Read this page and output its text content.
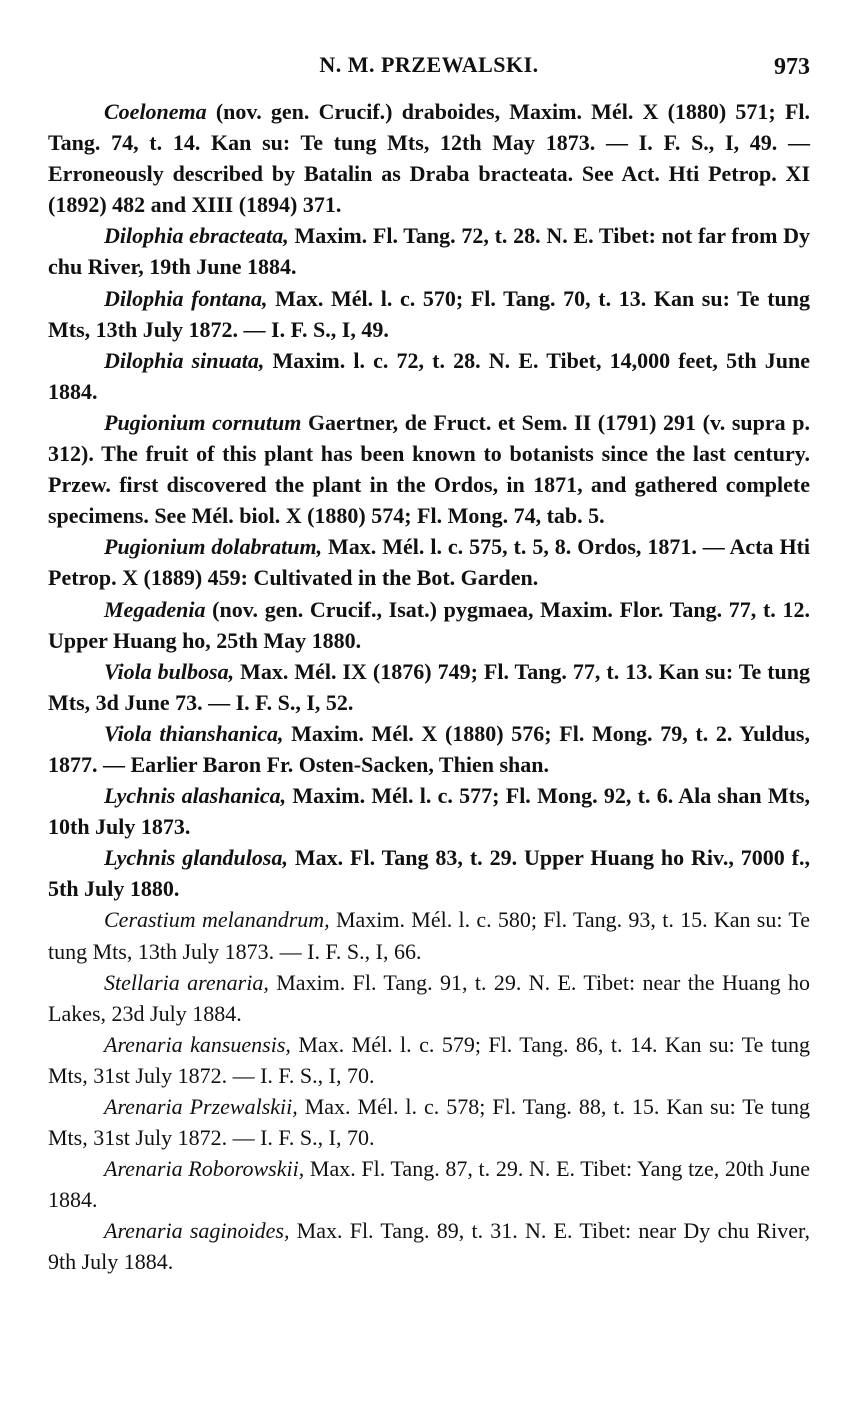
N. M. PRZEWALSKI.	973

Coelonema (nov. gen. Crucif.) draboides, Maxim. Mél. X (1880) 571; Fl. Tang. 74, t. 14. Kan su: Te tung Mts, 12th May 1873. — I. F. S., I, 49. — Erroneously described by Batalin as Draba bracteata. See Act. Hti Petrop. XI (1892) 482 and XIII (1894) 371.

Dilophia ebracteata, Maxim. Fl. Tang. 72, t. 28. N. E. Tibet: not far from Dy chu River, 19th June 1884.

Dilophia fontana, Max. Mél. l. c. 570; Fl. Tang. 70, t. 13. Kan su: Te tung Mts, 13th July 1872. — I. F. S., I, 49.

Dilophia sinuata, Maxim. l. c. 72, t. 28. N. E. Tibet, 14,000 feet, 5th June 1884.

Pugionium cornutum Gaertner, de Fruct. et Sem. II (1791) 291 (v. supra p. 312). The fruit of this plant has been known to botanists since the last century. Przew. first discovered the plant in the Ordos, in 1871, and gathered complete specimens. See Mél. biol. X (1880) 574; Fl. Mong. 74, tab. 5.

Pugionium dolabratum, Max. Mél. l. c. 575, t. 5, 8. Ordos, 1871. — Acta Hti Petrop. X (1889) 459: Cultivated in the Bot. Garden.

Megadenia (nov. gen. Crucif., Isat.) pygmaea, Maxim. Flor. Tang. 77, t. 12. Upper Huang ho, 25th May 1880.

Viola bulbosa, Max. Mél. IX (1876) 749; Fl. Tang. 77, t. 13. Kan su: Te tung Mts, 3d June 73. — I. F. S., I, 52.

Viola thianshanica, Maxim. Mél. X (1880) 576; Fl. Mong. 79, t. 2. Yuldus, 1877. — Earlier Baron Fr. Osten-Sacken, Thien shan.

Lychnis alashanica, Maxim. Mél. l. c. 577; Fl. Mong. 92, t. 6. Ala shan Mts, 10th July 1873.

Lychnis glandulosa, Max. Fl. Tang 83, t. 29. Upper Huang ho Riv., 7000 f., 5th July 1880.

Cerastium melanandrum, Maxim. Mél. l. c. 580; Fl. Tang. 93, t. 15. Kan su: Te tung Mts, 13th July 1873. — I. F. S., I, 66.

Stellaria arenaria, Maxim. Fl. Tang. 91, t. 29. N. E. Tibet: near the Huang ho Lakes, 23d July 1884.

Arenaria kansuensis, Max. Mél. l. c. 579; Fl. Tang. 86, t. 14. Kan su: Te tung Mts, 31st July 1872. — I. F. S., I, 70.

Arenaria Przewalskii, Max. Mél. l. c. 578; Fl. Tang. 88, t. 15. Kan su: Te tung Mts, 31st July 1872. — I. F. S., I, 70.

Arenaria Roborowskii, Max. Fl. Tang. 87, t. 29. N. E. Tibet: Yang tze, 20th June 1884.

Arenaria saginoides, Max. Fl. Tang. 89, t. 31. N. E. Tibet: near Dy chu River, 9th July 1884.
